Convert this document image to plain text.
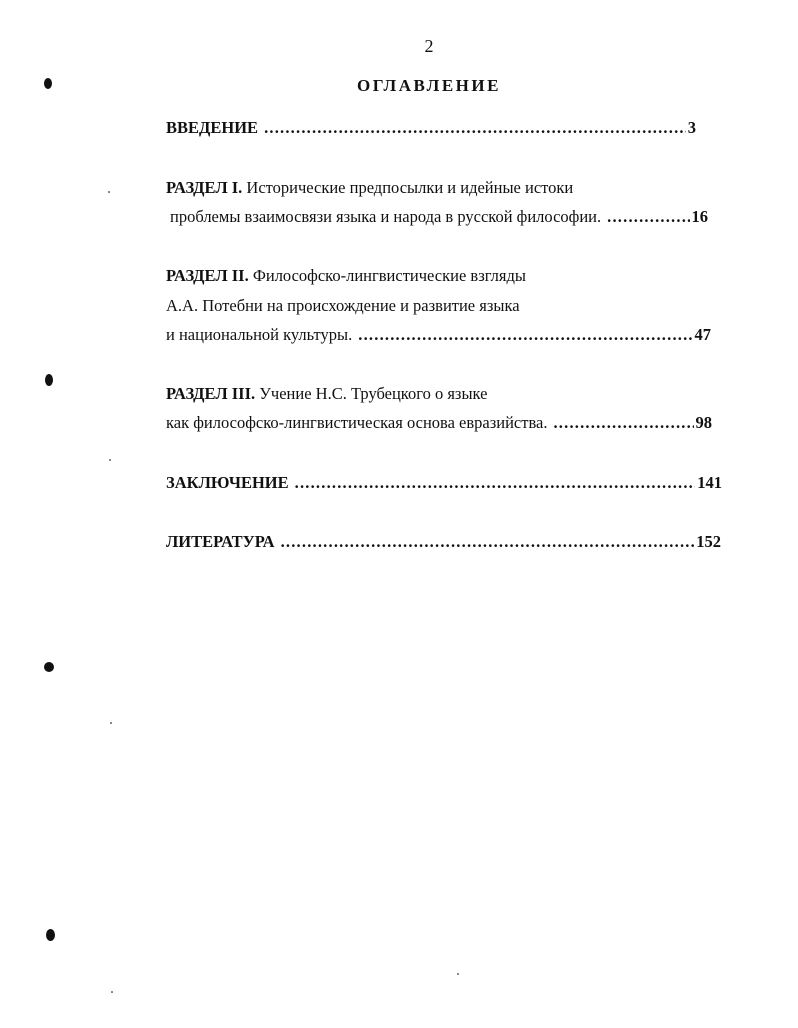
2
ОГЛАВЛЕНИЕ
ВВЕДЕНИЕ .....	3
РАЗДЕЛ I. Исторические предпосылки и идейные истоки
проблемы взаимосвязи языка и народа в русской философии. .....	16
РАЗДЕЛ II. Философско-лингвистические взгляды
А.А. Потебни на происхождение и развитие языка
и национальной культуры. .....	47
РАЗДЕЛ III. Учение Н.С. Трубецкого о языке
как философско-лингвистическая основа евразийства. .....	98
ЗАКЛЮЧЕНИЕ .....	141
ЛИТЕРАТУРА .....	152
